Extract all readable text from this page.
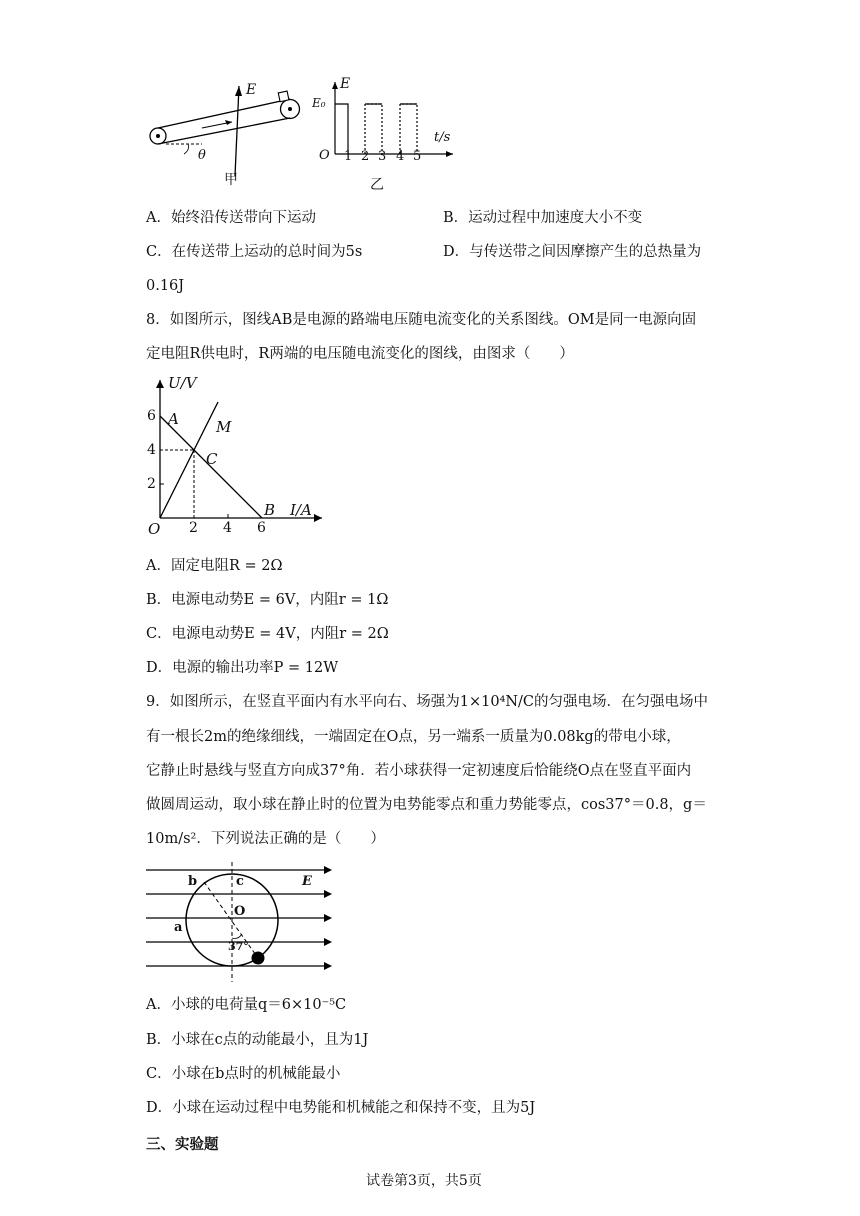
E
θ
甲
E
E₀
O
t/s
1 2 3 4 5
乙
A．始终沿传送带向下运动	B．运动过程中加速度大小不变
C．在传送带上运动的总时间为5s	D．与传送带之间因摩擦产生的总热量为
0.16J
8．如图所示，图线AB是电源的路端电压随电流变化的关系图线。OM是同一电源向固
定电阻R供电时，R两端的电压随电流变化的图线，由图求（　　）
U/V
I/A
A
B
C
M
O
6
4
2
2 4 6
A．固定电阻R = 2Ω
B．电源电动势E = 6V，内阻r = 1Ω
C．电源电动势E = 4V，内阻r = 2Ω
D．电源的输出功率P = 12W
9．如图所示，在竖直平面内有水平向右、场强为1×10⁴N/C的匀强电场．在匀强电场中
有一根长2m的绝缘细线，一端固定在O点，另一端系一质量为0.08kg的带电小球，
它静止时悬线与竖直方向成37°角．若小球获得一定初速度后恰能绕O点在竖直平面内
做圆周运动，取小球在静止时的位置为电势能零点和重力势能零点，cos37°＝0.8，g＝
10m/s²．下列说法正确的是（　　）
b	c
O
a
E
37°
A．小球的电荷量q＝6×10⁻⁵C
B．小球在c点的动能最小，且为1J
C．小球在b点时的机械能最小
D．小球在运动过程中电势能和机械能之和保持不变，且为5J
三、实验题
试卷第3页，共5页
